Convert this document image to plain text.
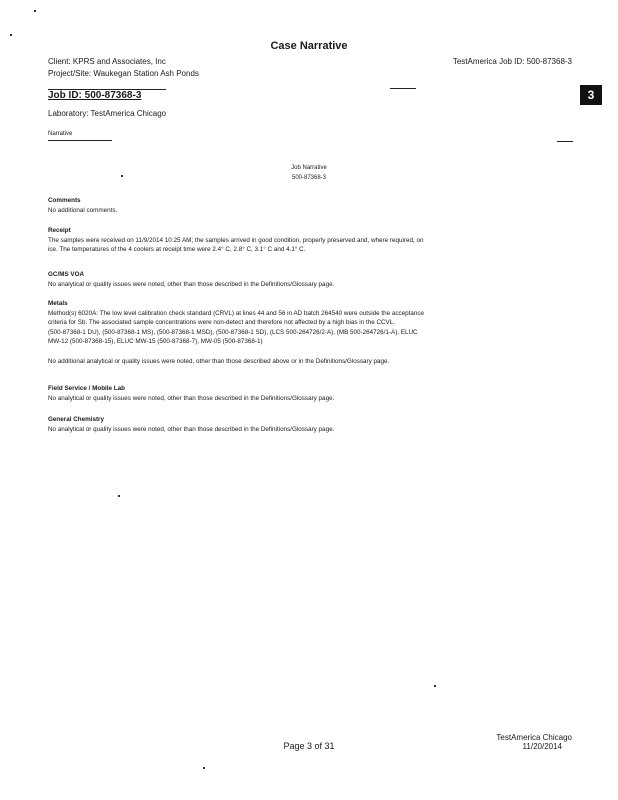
Case Narrative
Client: KPRS and Associates, Inc
Project/Site: Waukegan Station Ash Ponds
TestAmerica Job ID: 500-87368-3
Job ID: 500-87368-3	3
Laboratory: TestAmerica Chicago
Narrative
Job Narrative
500-87368-3

Comments

No additional comments.

Receipt

The samples were received on 11/9/2014 10:25 AM; the samples arrived in good condition, properly preserved and, where required, on

ice. The temperatures of the 4 coolers at receipt time were 2.4° C, 2.8° C, 3.1° C and 4.1° C.

GC/MS VOA

No analytical or quality issues were noted, other than those described in the Definitions/Glossary page.

Metals

Method(s) 6020A: The low level calibration check standard (CRVL) at lines 44 and 56 in AD batch 264540 were outside the acceptance

criteria for Sb. The associated sample concentrations were non-detect and therefore not affected by a high bias in the CCVL.

(500-87368-1 DU), (500-87368-1 MS), (500-87368-1 MSD), (500-87368-1 SD), (LCS 500-264726/2-A), (MB 500-264726/1-A), ELUC

MW-12 (500-87368-15), ELUC MW-15 (500-87368-7), MW-05 (500-87368-1)

No additional analytical or quality issues were noted, other than those described above or in the Definitions/Glossary page.

Field Service / Mobile Lab

No analytical or quality issues were noted, other than those described in the Definitions/Glossary page.

General Chemistry

No analytical or quality issues were noted, other than those described in the Definitions/Glossary page.

Page 3 of 31
TestAmerica Chicago
11/20/2014
